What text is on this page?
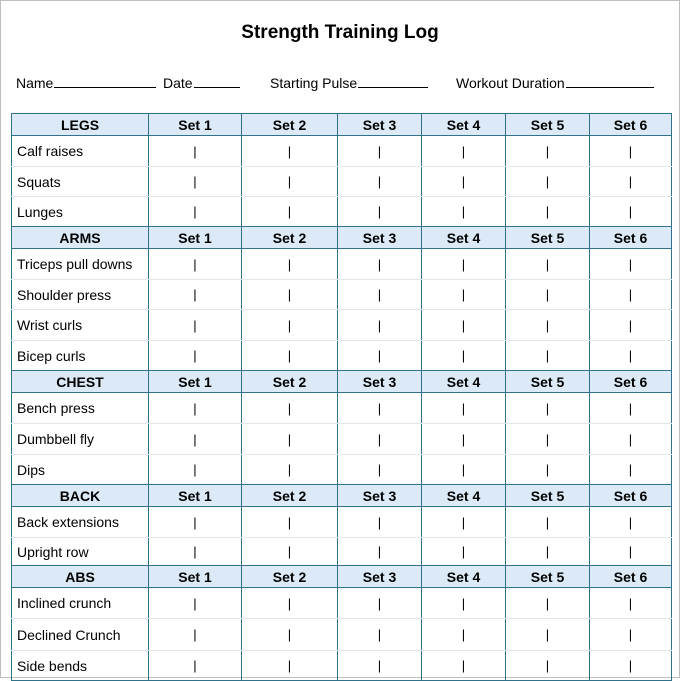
Strength Training Log
Name	Date	Starting Pulse	Workout Duration
LEGS	Set 1	Set 2	Set 3	Set 4	Set 5	Set 6
Calf raises	|	|	|	|	|	|
Squats	|	|	|	|	|	|
Lunges	|	|	|	|	|	|
ARMS	Set 1	Set 2	Set 3	Set 4	Set 5	Set 6
Triceps pull downs	|	|	|	|	|	|
Shoulder press	|	|	|	|	|	|
Wrist curls	|	|	|	|	|	|
Bicep curls	|	|	|	|	|	|
CHEST	Set 1	Set 2	Set 3	Set 4	Set 5	Set 6
Bench press	|	|	|	|	|	|
Dumbbell fly	|	|	|	|	|	|
Dips	|	|	|	|	|	|
BACK	Set 1	Set 2	Set 3	Set 4	Set 5	Set 6
Back extensions	|	|	|	|	|	|
Upright row	|	|	|	|	|	|
ABS	Set 1	Set 2	Set 3	Set 4	Set 5	Set 6
Inclined crunch	|	|	|	|	|	|
Declined Crunch	|	|	|	|	|	|
Side bends	|	|	|	|	|	|
